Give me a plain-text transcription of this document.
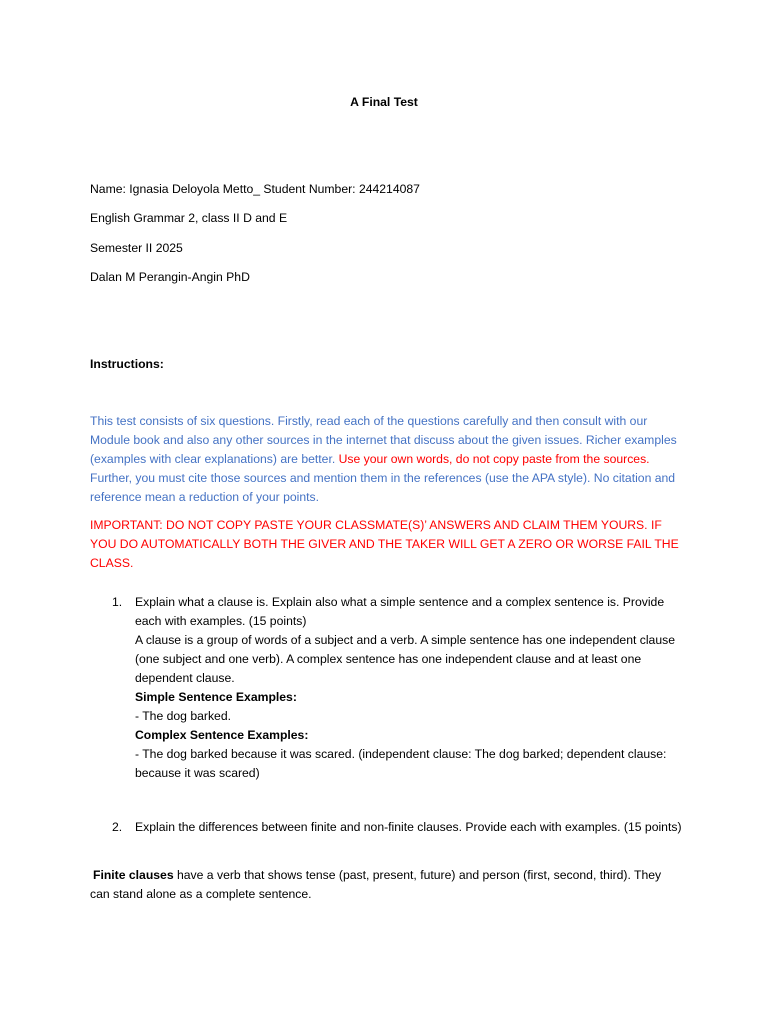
A Final Test
Name: Ignasia Deloyola Metto_ Student Number: 244214087
English Grammar 2, class II D and E
Semester II 2025
Dalan M Perangin-Angin PhD
Instructions:
This test consists of six questions. Firstly, read each of the questions carefully and then consult with our Module book and also any other sources in the internet that discuss about the given issues. Richer examples (examples with clear explanations) are better. Use your own words, do not copy paste from the sources. Further, you must cite those sources and mention them in the references (use the APA style). No citation and reference mean a reduction of your points.
IMPORTANT: DO NOT COPY PASTE YOUR CLASSMATE(S)’ ANSWERS AND CLAIM THEM YOURS. IF YOU DO AUTOMATICALLY BOTH THE GIVER AND THE TAKER WILL GET A ZERO OR WORSE FAIL THE CLASS.
1. Explain what a clause is. Explain also what a simple sentence and a complex sentence is. Provide each with examples. (15 points)

A clause is a group of words of a subject and a verb. A simple sentence has one independent clause (one subject and one verb). A complex sentence has one independent clause and at least one dependent clause.

Simple Sentence Examples:

- The dog barked.

Complex Sentence Examples:

- The dog barked because it was scared. (independent clause: The dog barked; dependent clause: because it was scared)

2. Explain the differences between finite and non-finite clauses. Provide each with examples. (15 points)
Finite clauses have a verb that shows tense (past, present, future) and person (first, second, third). They can stand alone as a complete sentence.
